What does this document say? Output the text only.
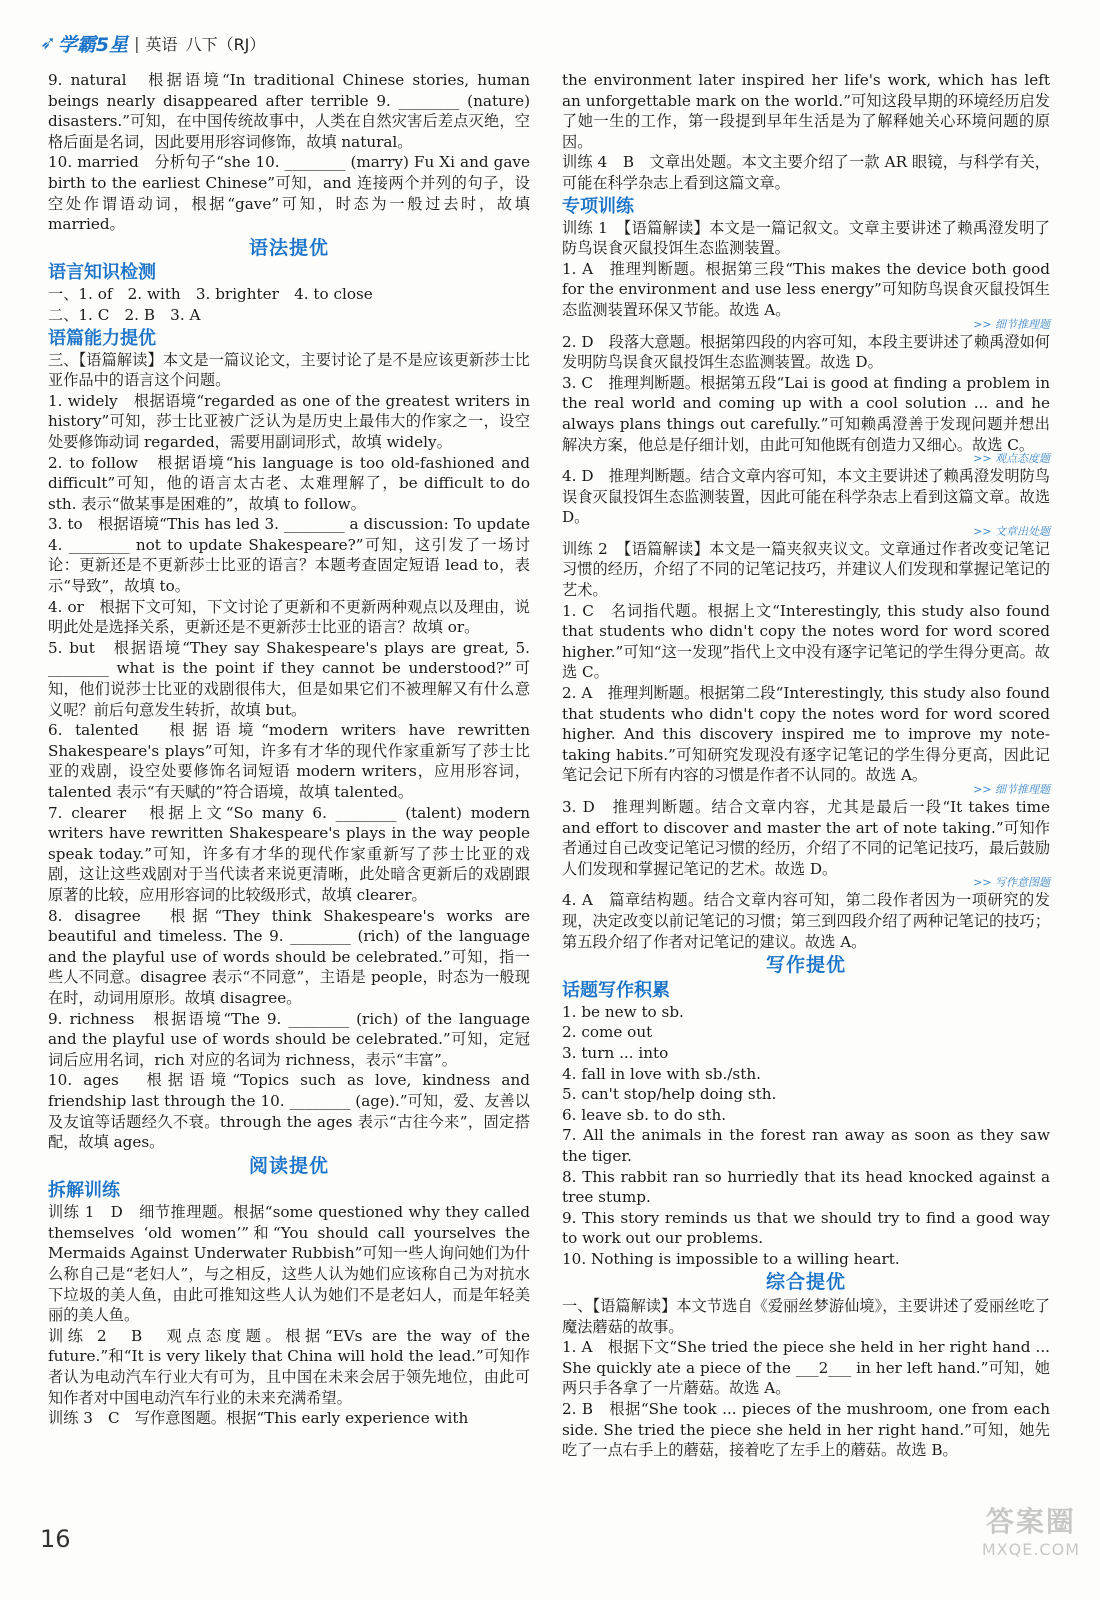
➶ 学霸5星 | 英语 八下（RJ）

9. natural　根据语境“In traditional Chinese stories, human beings nearly disappeared after terrible 9. ________ (nature) disasters.”可知，在中国传统故事中，人类在自然灾害后差点灭绝，空格后面是名词，因此要用形容词修饰，故填 natural。

10. married　分析句子“she 10. ________ (marry) Fu Xi and gave birth to the earliest Chinese”可知，and 连接两个并列的句子，设空处作谓语动词，根据“gave”可知，时态为一般过去时，故填 married。

语法提优
语言知识检测

一、1. of　2. with　3. brighter　4. to close

二、1. C　2. B　3. A

语篇能力提优

三、【语篇解读】本文是一篇议论文，主要讨论了是不是应该更新莎士比亚作品中的语言这个问题。

1. widely　根据语境“regarded as one of the greatest writers in history”可知，莎士比亚被广泛认为是历史上最伟大的作家之一，设空处要修饰动词 regarded，需要用副词形式，故填 widely。

2. to follow　根据语境“his language is too old-fashioned and difficult”可知，他的语言太古老、太难理解了，be difficult to do sth. 表示“做某事是困难的”，故填 to follow。

3. to　根据语境“This has led 3. ________ a discussion: To update 4. ________ not to update Shakespeare?”可知，这引发了一场讨论：更新还是不更新莎士比亚的语言？本题考查固定短语 lead to，表示“导致”，故填 to。

4. or　根据下文可知，下文讨论了更新和不更新两种观点以及理由，说明此处是选择关系，更新还是不更新莎士比亚的语言？故填 or。

5. but　根据语境“They say Shakespeare's plays are great, 5. ________ what is the point if they cannot be understood?”可知，他们说莎士比亚的戏剧很伟大，但是如果它们不被理解又有什么意义呢？前后句意发生转折，故填 but。

6. talented　根据语境“modern writers have rewritten Shakespeare's plays”可知，许多有才华的现代作家重新写了莎士比亚的戏剧，设空处要修饰名词短语 modern writers，应用形容词，talented 表示“有天赋的”符合语境，故填 talented。

7. clearer　根据上文“So many 6. ________ (talent) modern writers have rewritten Shakespeare's plays in the way people speak today.”可知，许多有才华的现代作家重新写了莎士比亚的戏剧，这让这些戏剧对于当代读者来说更清晰，此处暗含更新后的戏剧跟原著的比较，应用形容词的比较级形式，故填 clearer。

8. disagree　根据“They think Shakespeare's works are beautiful and timeless. The 9. ________ (rich) of the language and the playful use of words should be celebrated.”可知，指一些人不同意。disagree 表示“不同意”，主语是 people，时态为一般现在时，动词用原形。故填 disagree。

9. richness　根据语境“The 9. ________ (rich) of the language and the playful use of words should be celebrated.”可知，定冠词后应用名词，rich 对应的名词为 richness，表示“丰富”。

10. ages　根据语境“Topics such as love, kindness and friendship last through the 10. ________ (age).”可知，爱、友善以及友谊等话题经久不衰。through the ages 表示“古往今来”，固定搭配，故填 ages。

阅读提优
拆解训练

训练 1　D　细节推理题。根据“some questioned why they called themselves ‘old women’”和“You should call yourselves the Mermaids Against Underwater Rubbish”可知一些人询问她们为什么称自己是“老妇人”，与之相反，这些人认为她们应该称自己为对抗水下垃圾的美人鱼，由此可推知这些人认为她们不是老妇人，而是年轻美丽的美人鱼。

训练 2　B　观点态度题。根据“EVs are the way of the future.”和“It is very likely that China will hold the lead.”可知作者认为电动汽车行业大有可为，且中国在未来会居于领先地位，由此可知作者对中国电动汽车行业的未来充满希望。

训练 3　C　写作意图题。根据“This early experience with

the environment later inspired her life's work, which has left an unforgettable mark on the world.”可知这段早期的环境经历启发了她一生的工作，第一段提到早年生活是为了解释她关心环境问题的原因。

训练 4　B　文章出处题。本文主要介绍了一款 AR 眼镜，与科学有关，可能在科学杂志上看到这篇文章。

专项训练

训练 1　【语篇解读】本文是一篇记叙文。文章主要讲述了赖禹澄发明了防鸟误食灭鼠投饵生态监测装置。

1. A　推理判断题。根据第三段“This makes the device both good for the environment and use less energy”可知防鸟误食灭鼠投饵生态监测装置环保又节能。故选 A。

>> 细节推理题

2. D　段落大意题。根据第四段的内容可知，本段主要讲述了赖禹澄如何发明防鸟误食灭鼠投饵生态监测装置。故选 D。

3. C　推理判断题。根据第五段“Lai is good at finding a problem in the real world and coming up with a cool solution ... and he always plans things out carefully.”可知赖禹澄善于发现问题并想出解决方案，他总是仔细计划，由此可知他既有创造力又细心。故选 C。

>> 观点态度题

4. D　推理判断题。结合文章内容可知，本文主要讲述了赖禹澄发明防鸟误食灭鼠投饵生态监测装置，因此可能在科学杂志上看到这篇文章。故选 D。

>> 文章出处题

训练 2　【语篇解读】本文是一篇夹叙夹议文。文章通过作者改变记笔记习惯的经历，介绍了不同的记笔记技巧，并建议人们发现和掌握记笔记的艺术。

1. C　名词指代题。根据上文“Interestingly, this study also found that students who didn't copy the notes word for word scored higher.”可知“这一发现”指代上文中没有逐字记笔记的学生得分更高。故选 C。

2. A　推理判断题。根据第二段“Interestingly, this study also found that students who didn't copy the notes word for word scored higher. And this discovery inspired me to improve my note-taking habits.”可知研究发现没有逐字记笔记的学生得分更高，因此记笔记会记下所有内容的习惯是作者不认同的。故选 A。

>> 细节推理题

3. D　推理判断题。结合文章内容，尤其是最后一段“It takes time and effort to discover and master the art of note taking.”可知作者通过自己改变记笔记习惯的经历，介绍了不同的记笔记技巧，最后鼓励人们发现和掌握记笔记的艺术。故选 D。

>> 写作意图题

4. A　篇章结构题。结合文章内容可知，第二段作者因为一项研究的发现，决定改变以前记笔记的习惯；第三到四段介绍了两种记笔记的技巧；第五段介绍了作者对记笔记的建议。故选 A。

写作提优
话题写作积累

1. be new to sb.

2. come out

3. turn ... into

4. fall in love with sb./sth.

5. can't stop/help doing sth.

6. leave sb. to do sth.

7. All the animals in the forest ran away as soon as they saw the tiger.

8. This rabbit ran so hurriedly that its head knocked against a tree stump.

9. This story reminds us that we should try to find a good way to work out our problems.

10. Nothing is impossible to a willing heart.

综合提优

一、【语篇解读】本文节选自《爱丽丝梦游仙境》，主要讲述了爱丽丝吃了魔法蘑菇的故事。

1. A　根据下文“She tried the piece she held in her right hand ... She quickly ate a piece of the ___2___ in her left hand.”可知，她两只手各拿了一片蘑菇。故选 A。

2. B　根据“She took ... pieces of the mushroom, one from each side. She tried the piece she held in her right hand.”可知，她先吃了一点右手上的蘑菇，接着吃了左手上的蘑菇。故选 B。

16
答案圈
MXQE.COM
